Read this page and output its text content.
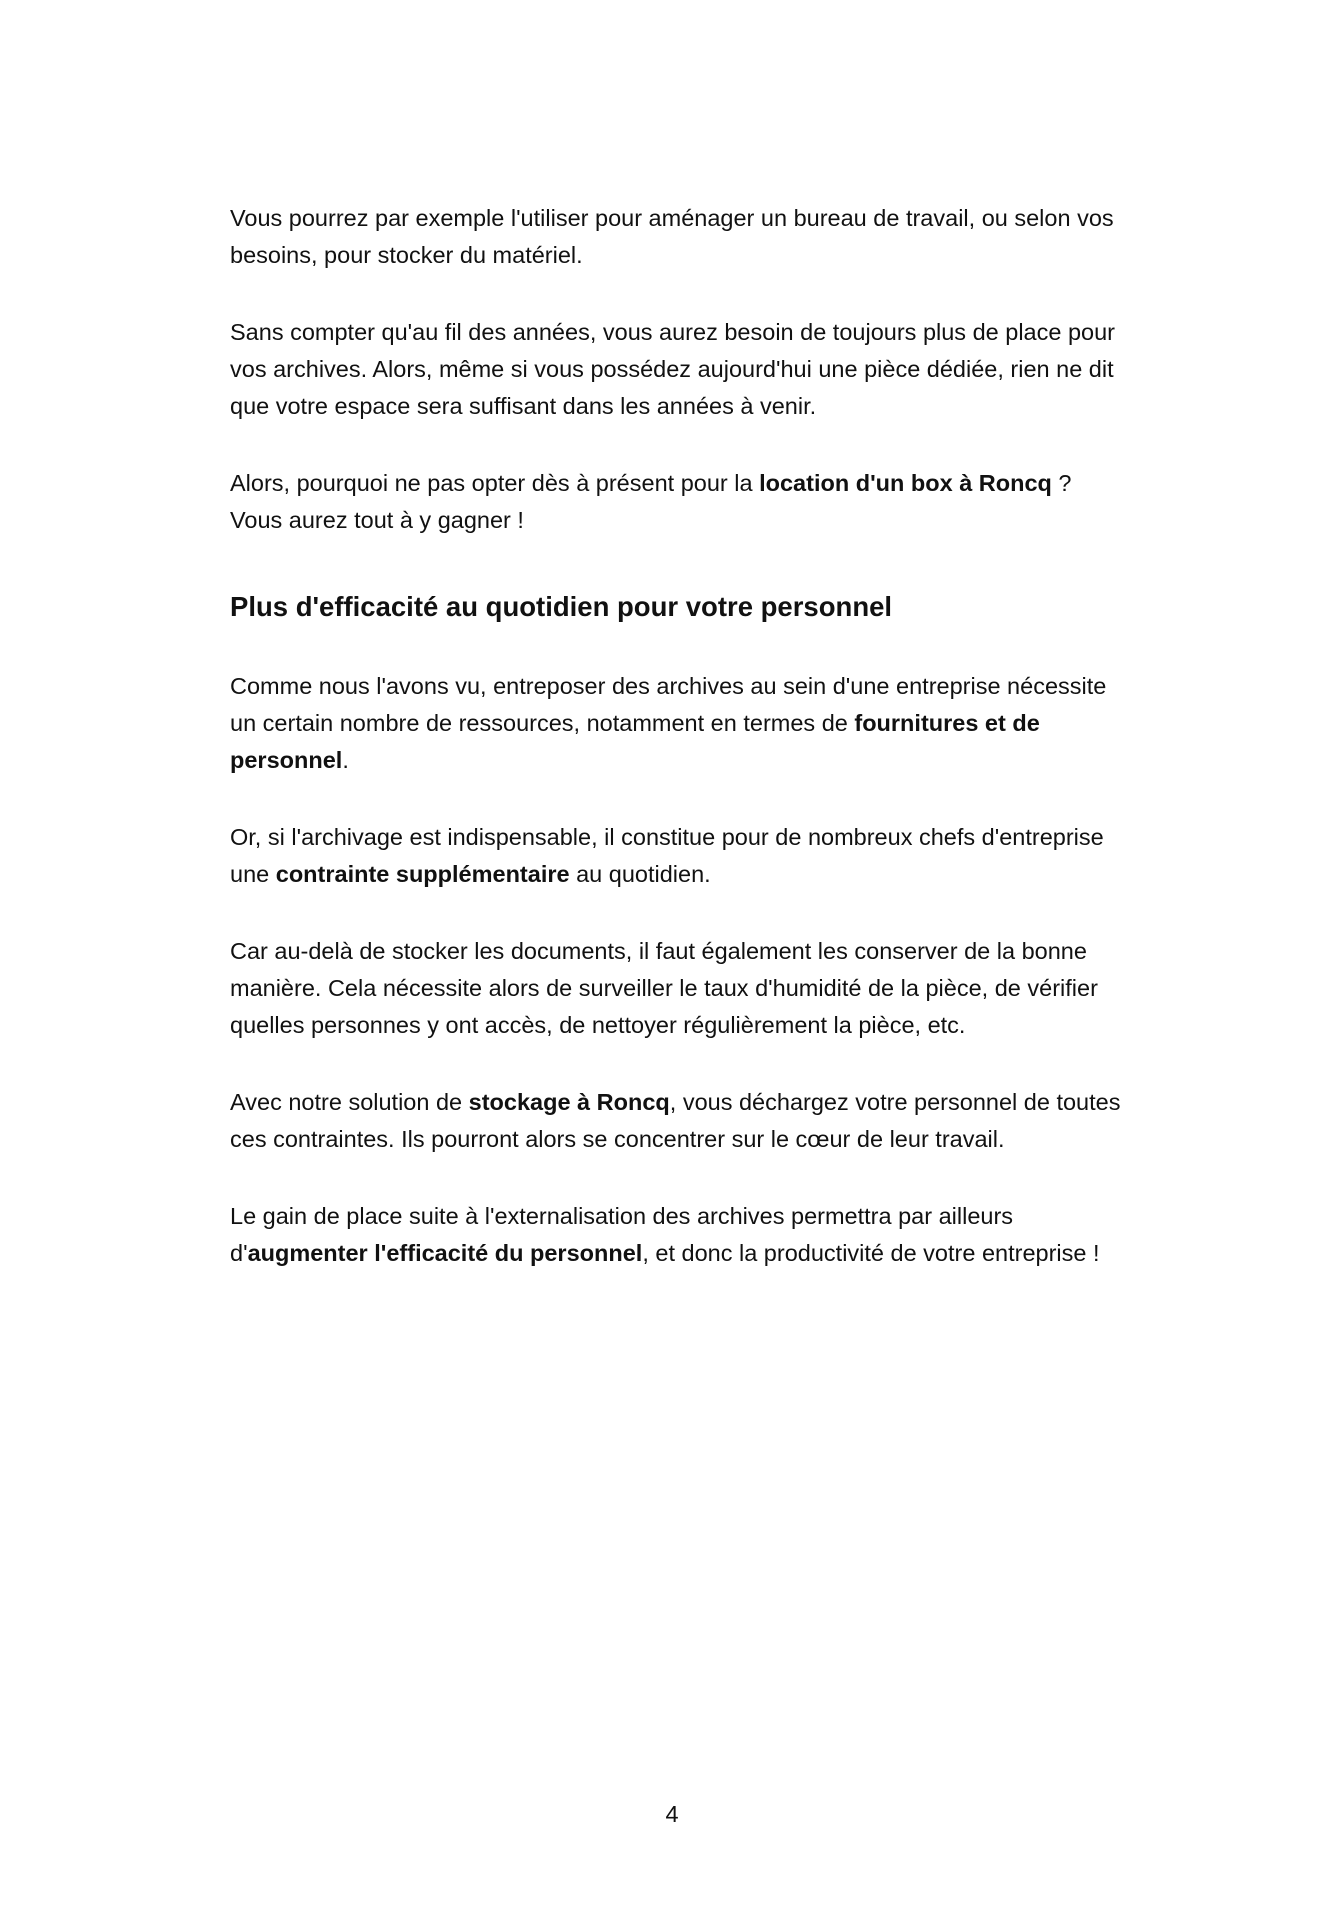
Vous pourrez par exemple l'utiliser pour aménager un bureau de travail, ou selon vos besoins, pour stocker du matériel.

Sans compter qu'au fil des années, vous aurez besoin de toujours plus de place pour vos archives. Alors, même si vous possédez aujourd'hui une pièce dédiée, rien ne dit que votre espace sera suffisant dans les années à venir.

Alors, pourquoi ne pas opter dès à présent pour la location d'un box à Roncq ? Vous aurez tout à y gagner !

Plus d'efficacité au quotidien pour votre personnel

Comme nous l'avons vu, entreposer des archives au sein d'une entreprise nécessite un certain nombre de ressources, notamment en termes de fournitures et de personnel.

Or, si l'archivage est indispensable, il constitue pour de nombreux chefs d'entreprise une contrainte supplémentaire au quotidien.

Car au-delà de stocker les documents, il faut également les conserver de la bonne manière. Cela nécessite alors de surveiller le taux d'humidité de la pièce, de vérifier quelles personnes y ont accès, de nettoyer régulièrement la pièce, etc.

Avec notre solution de stockage à Roncq, vous déchargez votre personnel de toutes ces contraintes. Ils pourront alors se concentrer sur le cœur de leur travail.

Le gain de place suite à l'externalisation des archives permettra par ailleurs d'augmenter l'efficacité du personnel, et donc la productivité de votre entreprise !

4
